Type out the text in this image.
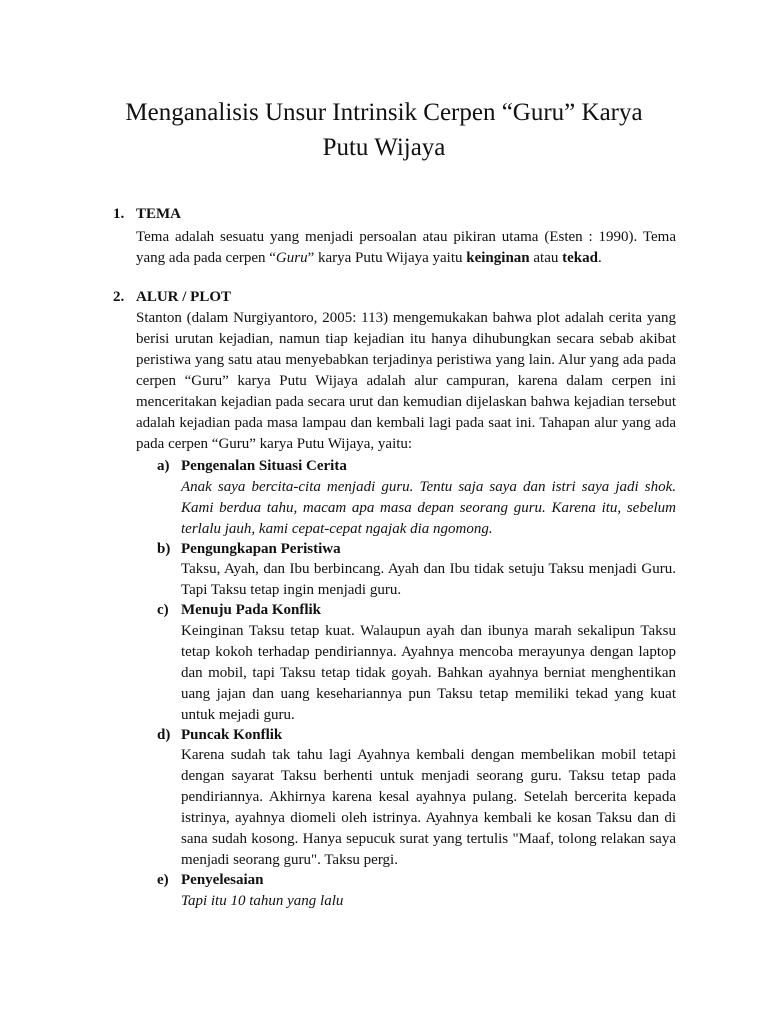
Menganalisis Unsur Intrinsik Cerpen “Guru” Karya
Putu Wijaya

1. TEMA

Tema adalah sesuatu yang menjadi persoalan atau pikiran utama (Esten : 1990). Tema

yang ada pada cerpen “Guru” karya Putu Wijaya yaitu keinginan atau tekad.

2. ALUR / PLOT

Stanton (dalam Nurgiyantoro, 2005: 113) mengemukakan bahwa plot adalah cerita yang

berisi urutan kejadian, namun tiap kejadian itu hanya dihubungkan secara sebab akibat

peristiwa yang satu atau menyebabkan terjadinya peristiwa yang lain. Alur yang ada pada

cerpen “Guru” karya Putu Wijaya adalah alur campuran, karena dalam cerpen ini

menceritakan kejadian pada secara urut dan kemudian dijelaskan bahwa kejadian tersebut

adalah kejadian pada masa lampau dan kembali lagi pada saat ini. Tahapan alur yang ada

pada cerpen “Guru” karya Putu Wijaya, yaitu:

a) Pengenalan Situasi Cerita

Anak saya bercita-cita menjadi guru. Tentu saja saya dan istri saya jadi shok.

Kami berdua tahu, macam apa masa depan seorang guru. Karena itu, sebelum

terlalu jauh, kami cepat-cepat ngajak dia ngomong.

b) Pengungkapan Peristiwa

Taksu, Ayah, dan Ibu berbincang. Ayah dan Ibu tidak setuju Taksu menjadi Guru.

Tapi Taksu tetap ingin menjadi guru.

c) Menuju Pada Konflik

Keinginan Taksu tetap kuat. Walaupun ayah dan ibunya marah sekalipun Taksu

tetap kokoh terhadap pendiriannya. Ayahnya mencoba merayunya dengan laptop

dan mobil, tapi Taksu tetap tidak goyah. Bahkan ayahnya berniat menghentikan

uang jajan dan uang kesehariannya pun Taksu tetap memiliki tekad yang kuat

untuk mejadi guru.

d) Puncak Konflik

Karena sudah tak tahu lagi Ayahnya kembali dengan membelikan mobil tetapi

dengan sayarat Taksu berhenti untuk menjadi seorang guru. Taksu tetap pada

pendiriannya. Akhirnya karena kesal ayahnya pulang. Setelah bercerita kepada

istrinya, ayahnya diomeli oleh istrinya. Ayahnya kembali ke kosan Taksu dan di

sana sudah kosong. Hanya sepucuk surat yang tertulis "Maaf, tolong relakan saya

menjadi seorang guru". Taksu pergi.

e) Penyelesaian

Tapi itu 10 tahun yang lalu
